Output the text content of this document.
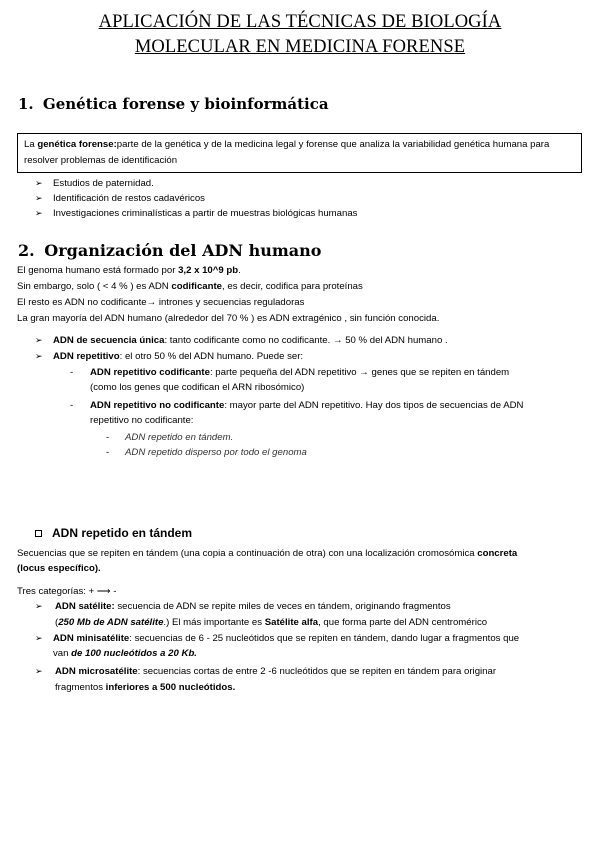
APLICACIÓN DE LAS TÉCNICAS DE BIOLOGÍA
MOLECULAR EN MEDICINA FORENSE
1. Genética forense y bioinformática
La genética forense:parte de la genética y de la medicina legal y forense que analiza la variabilidad genética humana para resolver problemas de identificación
➢ Estudios de paternidad.
➢ Identificación de restos cadavéricos
➢ Investigaciones criminalísticas a partir de muestras biológicas humanas
2. Organización del ADN humano
El genoma humano está formado por 3,2 x 10^9 pb.
Sin embargo, solo ( < 4 % ) es ADN codificante, es decir, codifica para proteínas
El resto es ADN no codificante→ intrones y secuencias reguladoras
La gran mayoría del ADN humano (alrededor del 70 % ) es ADN extragénico , sin función conocida.
➢ ADN de secuencia única: tanto codificante como no codificante. → 50 % del ADN humano .
➢ ADN repetitivo: el otro 50 % del ADN humano. Puede ser:
- ADN repetitivo codificante: parte pequeña del ADN repetitivo → genes que se repiten en tándem
(como los genes que codifican el ARN ribosómico)
- ADN repetitivo no codificante: mayor parte del ADN repetitivo. Hay dos tipos de secuencias de ADN
repetitivo no codificante:
- ADN repetido en tándem.
- ADN repetido disperso por todo el genoma
ADN repetido en tándem
Secuencias que se repiten en tándem (una copia a continuación de otra) con una localización cromosómica concreta
(locus específico).
Tres categorías: + ⟶ -
➢ ADN satélite: secuencia de ADN se repite miles de veces en tándem, originando fragmentos
(250 Mb de ADN satélite.) El más importante es Satélite alfa, que forma parte del ADN centromérico
➢ ADN minisatélite: secuencias de 6 - 25 nucleótidos que se repiten en tándem, dando lugar a fragmentos que
van de 100 nucleótidos a 20 Kb.
➢ ADN microsatélite: secuencias cortas de entre 2 -6 nucleótidos que se repiten en tándem para originar
fragmentos inferiores a 500 nucleótidos.
